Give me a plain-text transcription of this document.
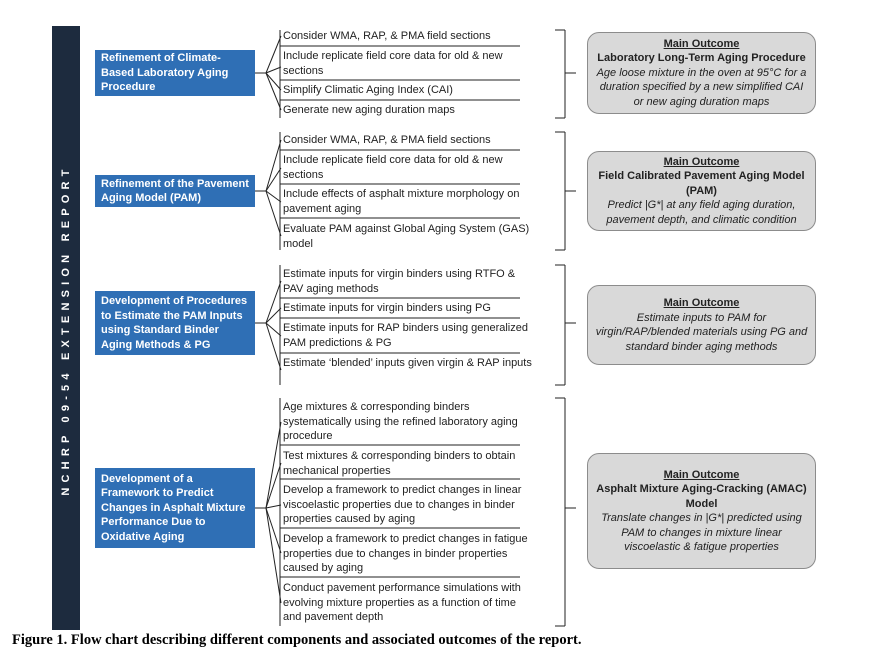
NCHRP 09-54 EXTENSION REPORT
Refinement of Climate- Based Laboratory Aging Procedure
Consider WMA, RAP, & PMA field sections
Include replicate field core data for old & new sections
Simplify Climatic Aging Index (CAI)
Generate new aging duration maps
Main Outcome
Laboratory Long-Term Aging Procedure
Age loose mixture in the oven at 95°C for a duration specified by a new simplified CAI or new aging duration maps
Refinement of the Pavement Aging Model (PAM)
Consider WMA, RAP, & PMA field sections
Include replicate field core data for old & new sections
Include effects of asphalt mixture morphology on pavement aging
Evaluate PAM against Global Aging System (GAS) model
Main Outcome
Field Calibrated Pavement Aging Model (PAM)
Predict |G*| at any field aging duration, pavement depth, and climatic condition
Development of Procedures to Estimate the PAM Inputs using Standard Binder Aging Methods & PG
Estimate inputs for virgin binders using RTFO & PAV aging methods
Estimate inputs for virgin binders using PG
Estimate inputs for RAP binders using generalized PAM predictions & PG
Estimate ‘blended’ inputs given virgin & RAP inputs
Main Outcome
Estimate inputs to PAM for virgin/RAP/blended materials using PG and standard binder aging methods
Development of a Framework to Predict Changes in Asphalt Mixture Performance Due to Oxidative Aging
Age mixtures & corresponding binders systematically using the refined laboratory aging procedure
Test mixtures & corresponding binders to obtain mechanical properties
Develop a framework to predict changes in linear viscoelastic properties due to changes in binder properties caused by aging
Develop a framework to predict changes in fatigue properties due to changes in binder properties caused by aging
Conduct pavement performance simulations with evolving mixture properties as a function of time and pavement depth
Main Outcome
Asphalt Mixture Aging-Cracking (AMAC) Model
Translate changes in |G*| predicted using PAM to changes in mixture linear viscoelastic & fatigue properties
Figure 1. Flow chart describing different components and associated outcomes of the report.
